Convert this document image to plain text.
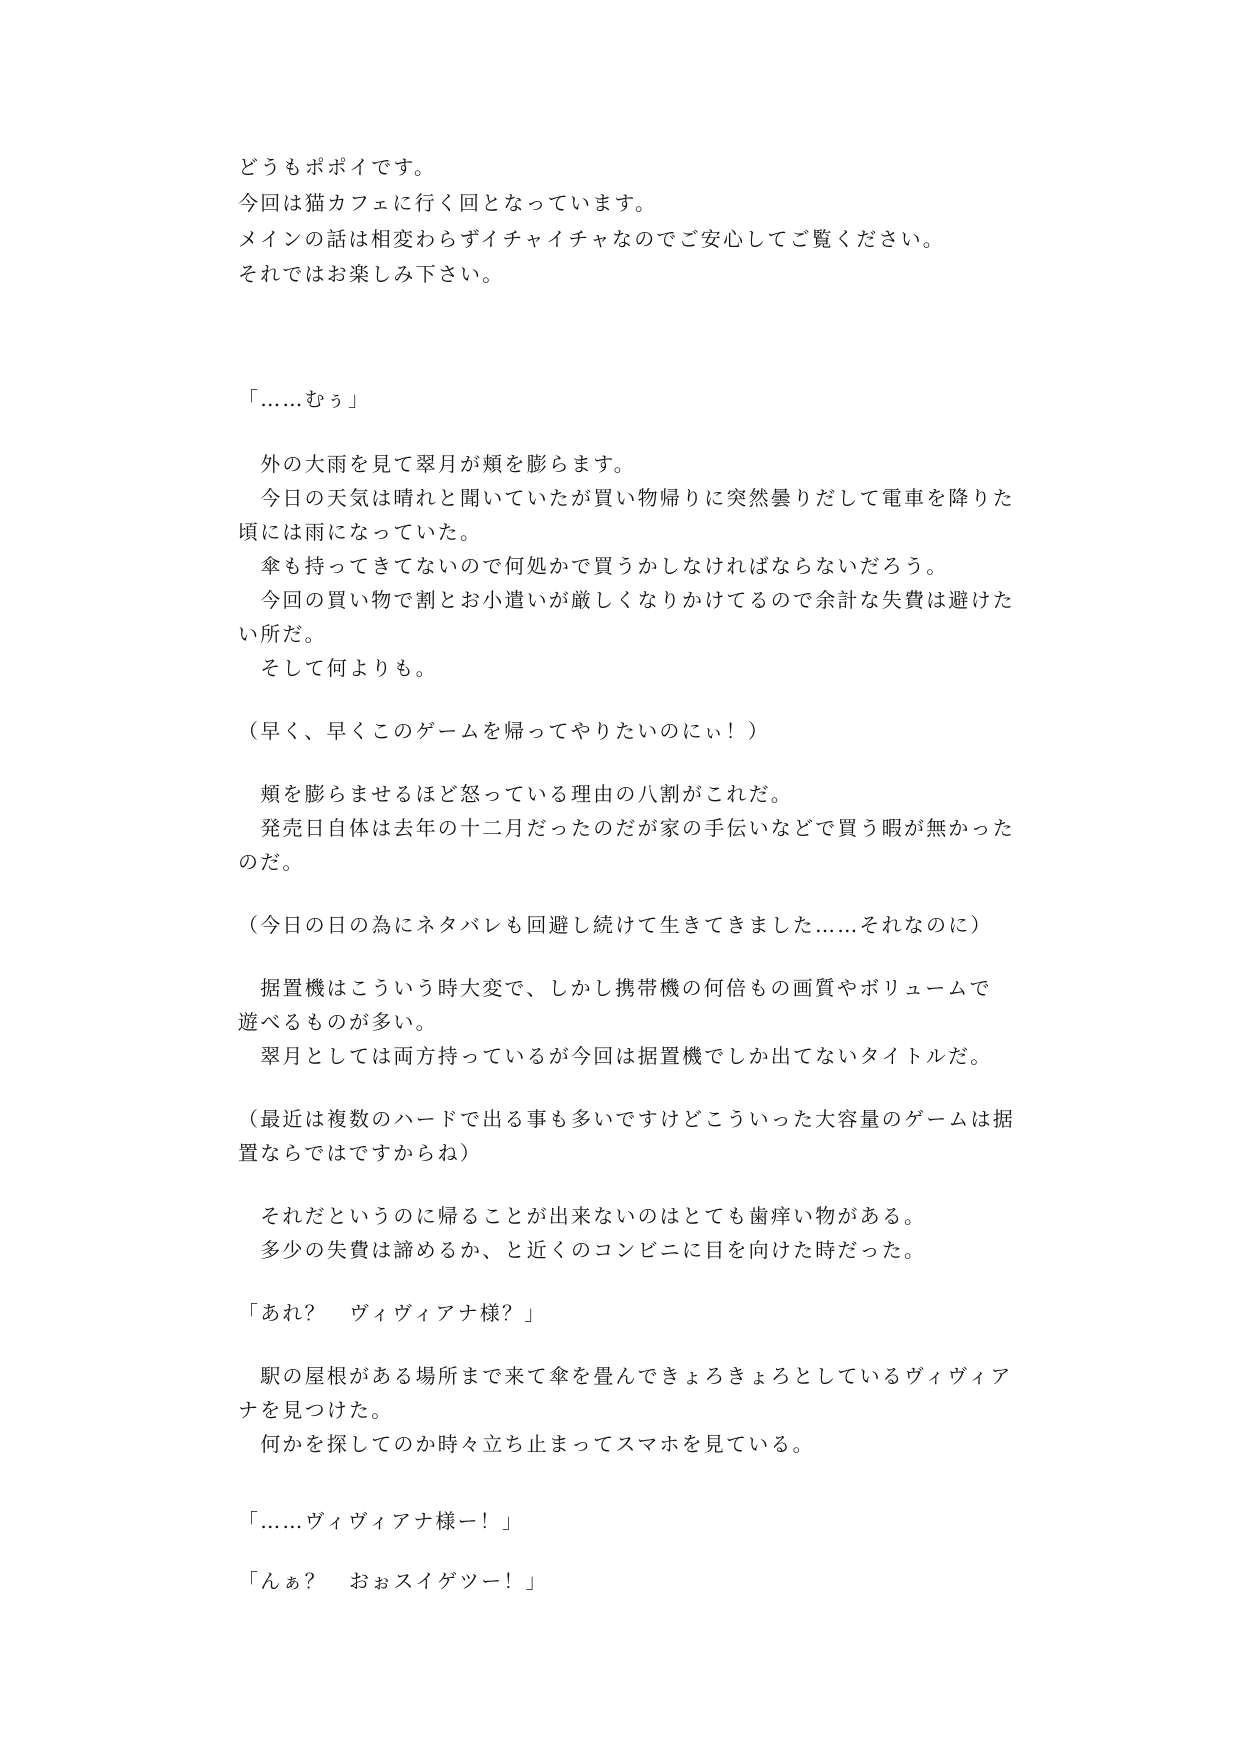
どうもポポイです。

今回は猫カフェに行く回となっています。

メインの話は相変わらずイチャイチャなのでご安心してご覧ください。

それではお楽しみ下さい。

「……むぅ」

　外の大雨を見て翠月が頬を膨らます。

　今日の天気は晴れと聞いていたが買い物帰りに突然曇りだして電車を降りた

頃には雨になっていた。

　傘も持ってきてないので何処かで買うかしなければならないだろう。

　今回の買い物で割とお小遣いが厳しくなりかけてるので余計な失費は避けた

い所だ。

　そして何よりも。

（早く、早くこのゲームを帰ってやりたいのにぃ！）

　頬を膨らませるほど怒っている理由の八割がこれだ。

　発売日自体は去年の十二月だったのだが家の手伝いなどで買う暇が無かった

のだ。

（今日の日の為にネタバレも回避し続けて生きてきました……それなのに）

　据置機はこういう時大変で、しかし携帯機の何倍もの画質やボリュームで

遊べるものが多い。

　翠月としては両方持っているが今回は据置機でしか出てないタイトルだ。

（最近は複数のハードで出る事も多いですけどこういった大容量のゲームは据

置ならではですからね）

　それだというのに帰ることが出来ないのはとても歯痒い物がある。

　多少の失費は諦めるか、と近くのコンビニに目を向けた時だった。

「あれ？　ヴィヴィアナ様？」

　駅の屋根がある場所まで来て傘を畳んできょろきょろとしているヴィヴィア

ナを見つけた。

　何かを探してのか時々立ち止まってスマホを見ている。

「……ヴィヴィアナ様ー！」

「んぁ？　おぉスイゲツー！」
